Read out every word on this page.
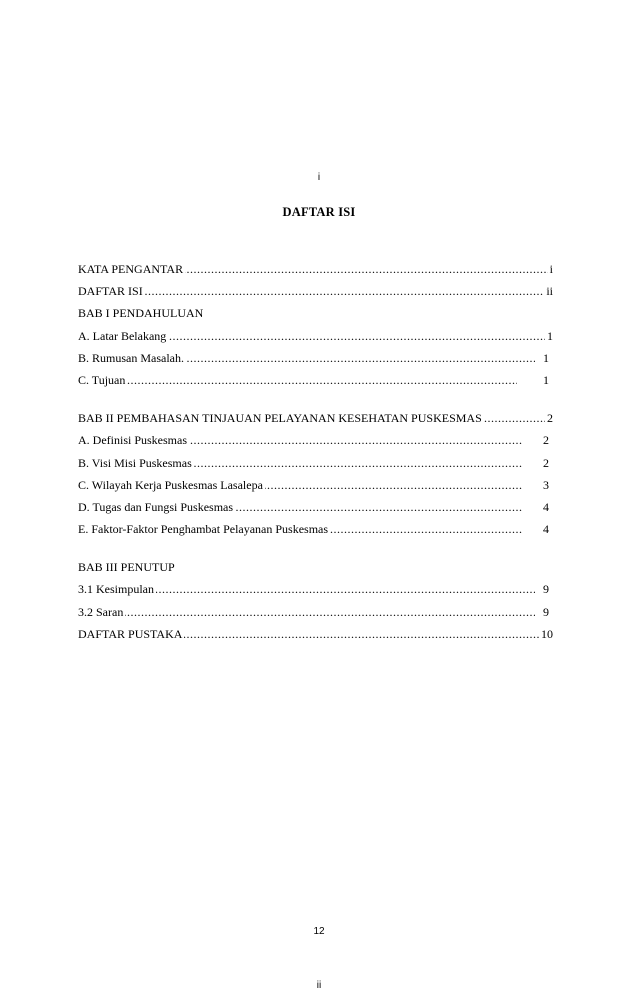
i
DAFTAR ISI
.....
KATA PENGANTAR	i
.....
DAFTAR ISI	ii
BAB I PENDAHULUAN
.....
A. Latar Belakang	1
.....
B. Rumusan Masalah.	1
.....
C. Tujuan	1
.....
BAB II PEMBAHASAN TINJAUAN PELAYANAN KESEHATAN PUSKESMAS	2
.....
A. Definisi Puskesmas	2
.....
B. Visi Misi Puskesmas	2
.....
C. Wilayah Kerja Puskesmas Lasalepa	3
.....
D. Tugas dan Fungsi Puskesmas	4
.....
E. Faktor-Faktor Penghambat Pelayanan Puskesmas	4
BAB III PENUTUP
.....
3.1 Kesimpulan	9
.....
3.2 Saran	9
.....
DAFTAR PUSTAKA	10
12
ii
